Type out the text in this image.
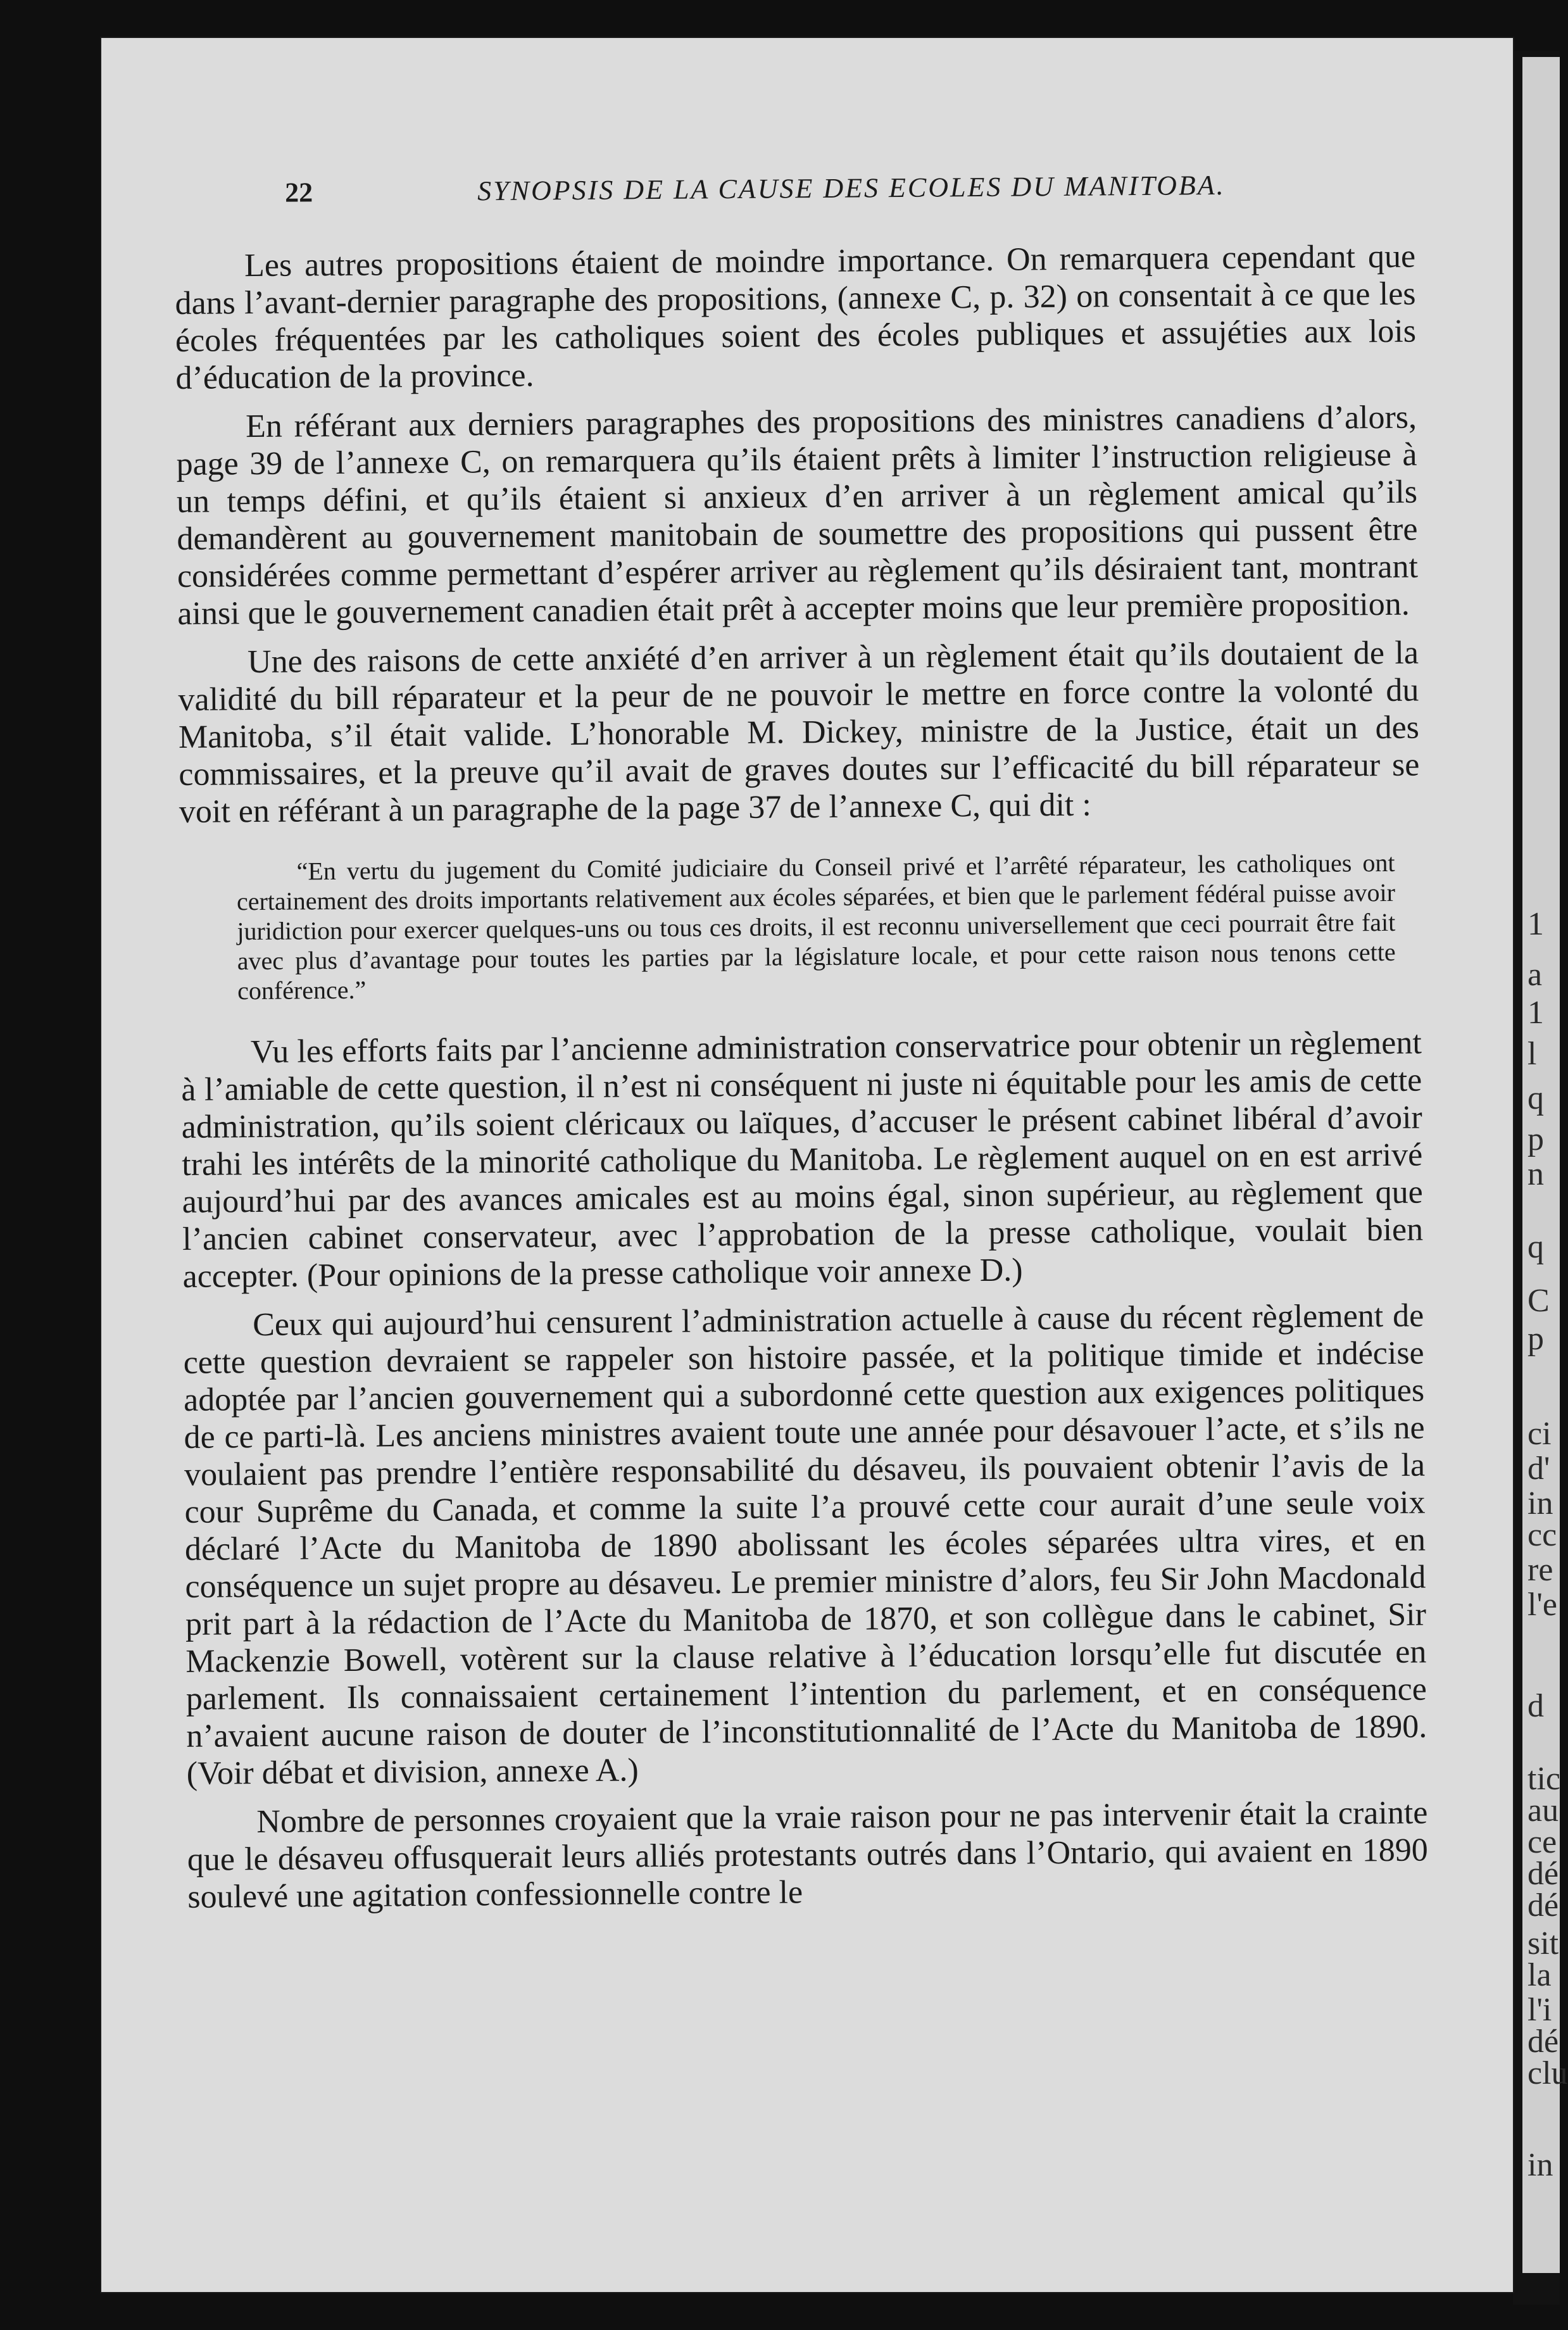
1
a
1
l
q
p
n
q
C
p
ci
d'
in
cc
re
l'e
d
tic
au
ce
dé
dé
sit
la
l'i
dé
clu
in
22	SYNOPSIS DE LA CAUSE DES ECOLES DU MANITOBA.

Les autres propositions étaient de moindre importance. On remarquera cependant que dans l’avant-dernier paragraphe des propositions, (annexe C, p. 32) on consentait à ce que les écoles fréquentées par les catholiques soient des écoles publiques et assujéties aux lois d’éducation de la province.

En référant aux derniers paragraphes des propositions des ministres canadiens d’alors, page 39 de l’annexe C, on remarquera qu’ils étaient prêts à limiter l’instruction religieuse à un temps défini, et qu’ils étaient si anxieux d’en arriver à un règlement amical qu’ils demandèrent au gouvernement manitobain de soumettre des propositions qui pussent être considérées comme permettant d’espérer arriver au règlement qu’ils désiraient tant, montrant ainsi que le gouvernement canadien était prêt à accepter moins que leur première proposition.

Une des raisons de cette anxiété d’en arriver à un règlement était qu’ils doutaient de la validité du bill réparateur et la peur de ne pouvoir le mettre en force contre la volonté du Manitoba, s’il était valide. L’honorable M. Dickey, ministre de la Justice, était un des commissaires, et la preuve qu’il avait de graves doutes sur l’efficacité du bill réparateur se voit en référant à un paragraphe de la page 37 de l’annexe C, qui dit :

“En vertu du jugement du Comité judiciaire du Conseil privé et l’arrêté réparateur, les catholiques ont certainement des droits importants relativement aux écoles séparées, et bien que le parlement fédéral puisse avoir juridiction pour exercer quelques-uns ou tous ces droits, il est reconnu universellement que ceci pourrait être fait avec plus d’avantage pour toutes les parties par la législature locale, et pour cette raison nous tenons cette conférence.”

Vu les efforts faits par l’ancienne administration conservatrice pour obtenir un règlement à l’amiable de cette question, il n’est ni conséquent ni juste ni équitable pour les amis de cette administration, qu’ils soient cléricaux ou laïques, d’accuser le présent cabinet libéral d’avoir trahi les intérêts de la minorité catholique du Manitoba. Le règlement auquel on en est arrivé aujourd’hui par des avances amicales est au moins égal, sinon supérieur, au règlement que l’ancien cabinet conservateur, avec l’approbation de la presse catholique, voulait bien accepter. (Pour opinions de la presse catholique voir annexe D.)

Ceux qui aujourd’hui censurent l’administration actuelle à cause du récent règlement de cette question devraient se rappeler son histoire passée, et la politique timide et indécise adoptée par l’ancien gouvernement qui a subordonné cette question aux exigences politiques de ce parti-là. Les anciens ministres avaient toute une année pour désavouer l’acte, et s’ils ne voulaient pas prendre l’entière responsabilité du désaveu, ils pouvaient obtenir l’avis de la cour Suprême du Canada, et comme la suite l’a prouvé cette cour aurait d’une seule voix déclaré l’Acte du Manitoba de 1890 abolissant les écoles séparées ultra vires, et en conséquence un sujet propre au désaveu. Le premier ministre d’alors, feu Sir John Macdonald prit part à la rédaction de l’Acte du Manitoba de 1870, et son collègue dans le cabinet, Sir Mackenzie Bowell, votèrent sur la clause relative à l’éducation lorsqu’elle fut discutée en parlement. Ils connaissaient certainement l’intention du parlement, et en conséquence n’avaient aucune raison de douter de l’inconstitutionnalité de l’Acte du Manitoba de 1890. (Voir débat et division, annexe A.)

Nombre de personnes croyaient que la vraie raison pour ne pas intervenir était la crainte que le désaveu offusquerait leurs alliés protestants outrés dans l’Ontario, qui avaient en 1890 soulevé une agitation confessionnelle contre le
